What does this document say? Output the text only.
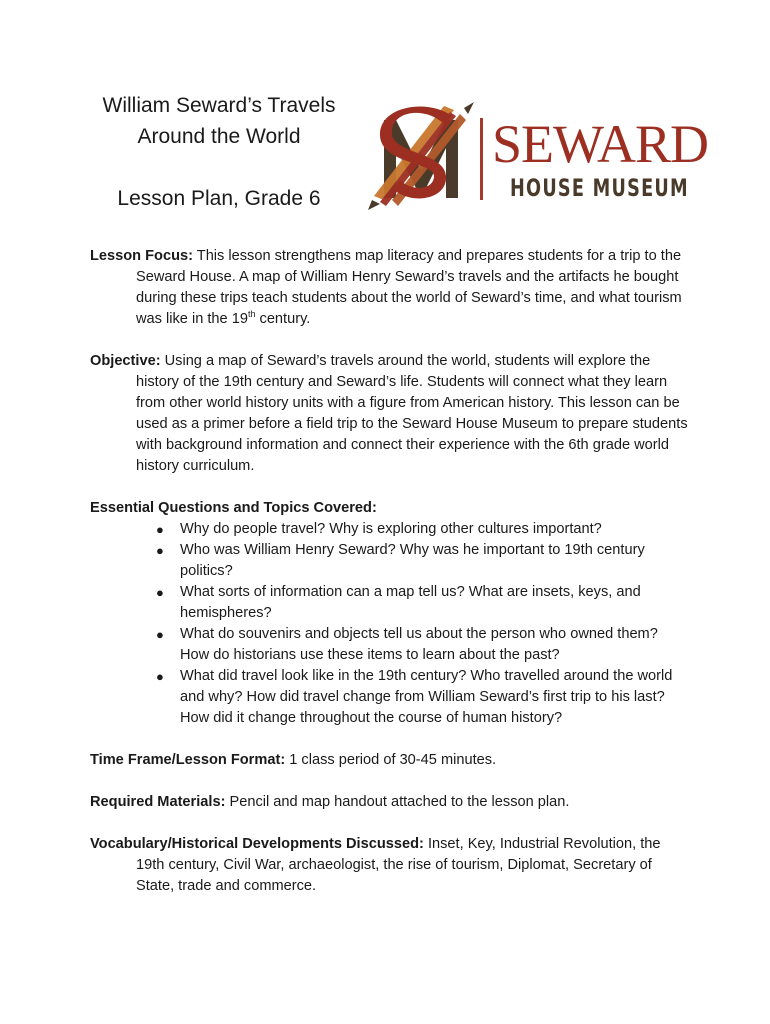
William Seward’s Travels
Around the World

Lesson Plan, Grade 6
SEWARD
HOUSE MUSEUM

Lesson Focus: This lesson strengthens map literacy and prepares students for a trip to the Seward House. A map of William Henry Seward’s travels and the artifacts he bought during these trips teach students about the world of Seward’s time, and what tourism was like in the 19th century.

Objective: Using a map of Seward’s travels around the world, students will explore the history of the 19th century and Seward’s life. Students will connect what they learn from other world history units with a figure from American history. This lesson can be used as a primer before a field trip to the Seward House Museum to prepare students with background information and connect their experience with the 6th grade world history curriculum.

Essential Questions and Topics Covered:

● Why do people travel? Why is exploring other cultures important?
● Who was William Henry Seward? Why was he important to 19th century politics?
● What sorts of information can a map tell us? What are insets, keys, and hemispheres?
● What do souvenirs and objects tell us about the person who owned them? How do historians use these items to learn about the past?
● What did travel look like in the 19th century? Who travelled around the world and why? How did travel change from William Seward’s first trip to his last? How did it change throughout the course of human history?

Time Frame/Lesson Format: 1 class period of 30-45 minutes.

Required Materials: Pencil and map handout attached to the lesson plan.

Vocabulary/Historical Developments Discussed: Inset, Key, Industrial Revolution, the 19th century, Civil War, archaeologist, the rise of tourism, Diplomat, Secretary of State, trade and commerce.
